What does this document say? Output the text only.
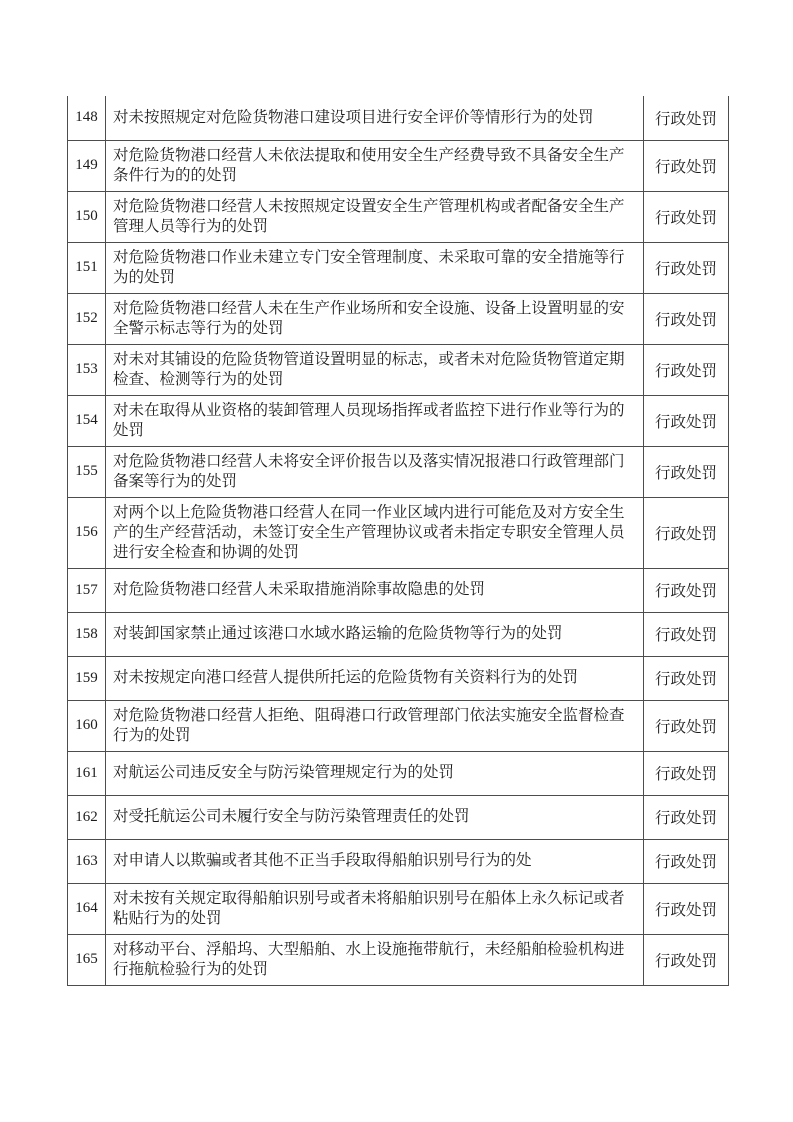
148	对未按照规定对危险货物港口建设项目进行安全评价等情形行为的处罚	行政处罚
149	对危险货物港口经营人未依法提取和使用安全生产经费导致不具备安全生产条件行为的的处罚	行政处罚
150	对危险货物港口经营人未按照规定设置安全生产管理机构或者配备安全生产管理人员等行为的处罚	行政处罚
151	对危险货物港口作业未建立专门安全管理制度、未采取可靠的安全措施等行为的处罚	行政处罚
152	对危险货物港口经营人未在生产作业场所和安全设施、设备上设置明显的安全警示标志等行为的处罚	行政处罚
153	对未对其铺设的危险货物管道设置明显的标志，或者未对危险货物管道定期检查、检测等行为的处罚	行政处罚
154	对未在取得从业资格的装卸管理人员现场指挥或者监控下进行作业等行为的处罚	行政处罚
155	对危险货物港口经营人未将安全评价报告以及落实情况报港口行政管理部门备案等行为的处罚	行政处罚
156	对两个以上危险货物港口经营人在同一作业区域内进行可能危及对方安全生产的生产经营活动，未签订安全生产管理协议或者未指定专职安全管理人员进行安全检查和协调的处罚	行政处罚
157	对危险货物港口经营人未采取措施消除事故隐患的处罚	行政处罚
158	对装卸国家禁止通过该港口水域水路运输的危险货物等行为的处罚	行政处罚
159	对未按规定向港口经营人提供所托运的危险货物有关资料行为的处罚	行政处罚
160	对危险货物港口经营人拒绝、阻碍港口行政管理部门依法实施安全监督检查行为的处罚	行政处罚
161	对航运公司违反安全与防污染管理规定行为的处罚	行政处罚
162	对受托航运公司未履行安全与防污染管理责任的处罚	行政处罚
163	对申请人以欺骗或者其他不正当手段取得船舶识别号行为的处	行政处罚
164	对未按有关规定取得船舶识别号或者未将船舶识别号在船体上永久标记或者粘贴行为的处罚	行政处罚
165	对移动平台、浮船坞、大型船舶、水上设施拖带航行，未经船舶检验机构进行拖航检验行为的处罚	行政处罚
